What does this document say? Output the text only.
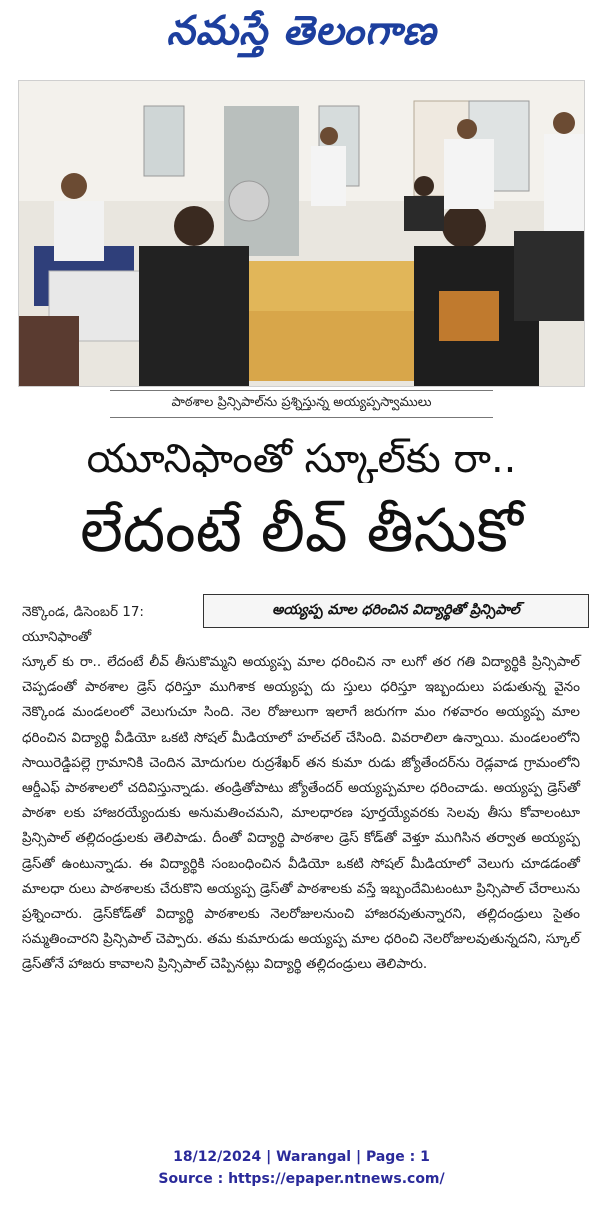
నమస్తే తెలంగాణ
పాఠశాల ప్రిన్సిపాల్‌ను ప్రశ్నిస్తున్న అయ్యప్పస్వాములు
యూనిఫాంతో స్కూల్‌కు రా..
లేదంటే లీవ్‌ తీసుకో
నెక్కొండ, డిసెంబర్‌ 17: యూనిఫాంతో
అయ్యప్ప మాల ధరించిన విద్యార్థితో ప్రిన్సిపాల్‌

స్కూల్‌ కు రా.. లేదంటే లీవ్‌ తీసుకొమ్మని అయ్యప్ప మాల ధరించిన నా లుగో తర గతి విద్యార్థికి ప్రిన్సిపాల్‌ చెప్పడంతో పాఠశాల డ్రెస్‌ ధరిస్తూ ముగిశాక అయ్యప్ప దు స్తులు ధరిస్తూ ఇబ్బందులు పడుతున్న వైనం నెక్కొండ మండలంలో వెలుగుచూ సింది. నెల రోజులుగా ఇలాగే జరుగగా మం గళవారం అయ్యప్ప మాల ధరించిన విద్యార్థి వీడియో ఒకటి సోషల్‌ మీడియాలో హల్‌చల్‌ చేసింది. వివరాలిలా ఉన్నాయి. మండలంలోని సాయిరెడ్డిపల్లె గ్రామానికి చెందిన మోదుగుల రుద్రశేఖర్‌ తన కుమా రుడు జ్యోతేందర్‌ను రెడ్లవాడ గ్రామంలోని ఆర్డీఎఫ్‌ పాఠశాలలో చదివిస్తున్నాడు. తండ్రితోపాటు జ్యోతేందర్‌ అయ్యప్పమాల ధరించాడు. అయ్యప్ప డ్రెస్‌తో పాఠశా లకు హాజరయ్యేందుకు అనుమతించమని, మాలధారణ పూర్తయ్యేవరకు సెలవు తీసు కోవాలంటూ ప్రిన్సిపాల్‌ తల్లిదండ్రులకు తెలిపాడు. దీంతో విద్యార్థి పాఠశాల డ్రెస్‌ కోడ్‌తో వెళ్తూ ముగిసిన తర్వాత అయ్యప్ప డ్రెస్‌తో ఉంటున్నాడు. ఈ విద్యార్థికి సంబంధించిన వీడియో ఒకటి సోషల్‌ మీడియాలో వెలుగు చూడడంతో మాలధా రులు పాఠశాలకు చేరుకొని అయ్యప్ప డ్రెస్‌తో పాఠశాలకు వస్తే ఇబ్బందేమిటంటూ ప్రిన్సిపాల్‌ చేరాలును ప్రశ్నించారు. డ్రెస్‌కోడ్‌తో విద్యార్థి పాఠశాలకు నెలరోజులనుంచి హాజరవుతున్నారని, తల్లిదండ్రులు సైతం సమ్మతించారని ప్రిన్సిపాల్‌ చెప్పారు. తమ కుమారుడు అయ్యప్ప మాల ధరించి నెలరోజులవుతున్నదని, స్కూల్‌ డ్రెస్‌తోనే హాజరు కావాలని ప్రిన్సిపాల్‌ చెప్పినట్లు విద్యార్థి తల్లిదండ్రులు తెలిపారు.

18/12/2024 | Warangal | Page : 1
Source : https://epaper.ntnews.com/
